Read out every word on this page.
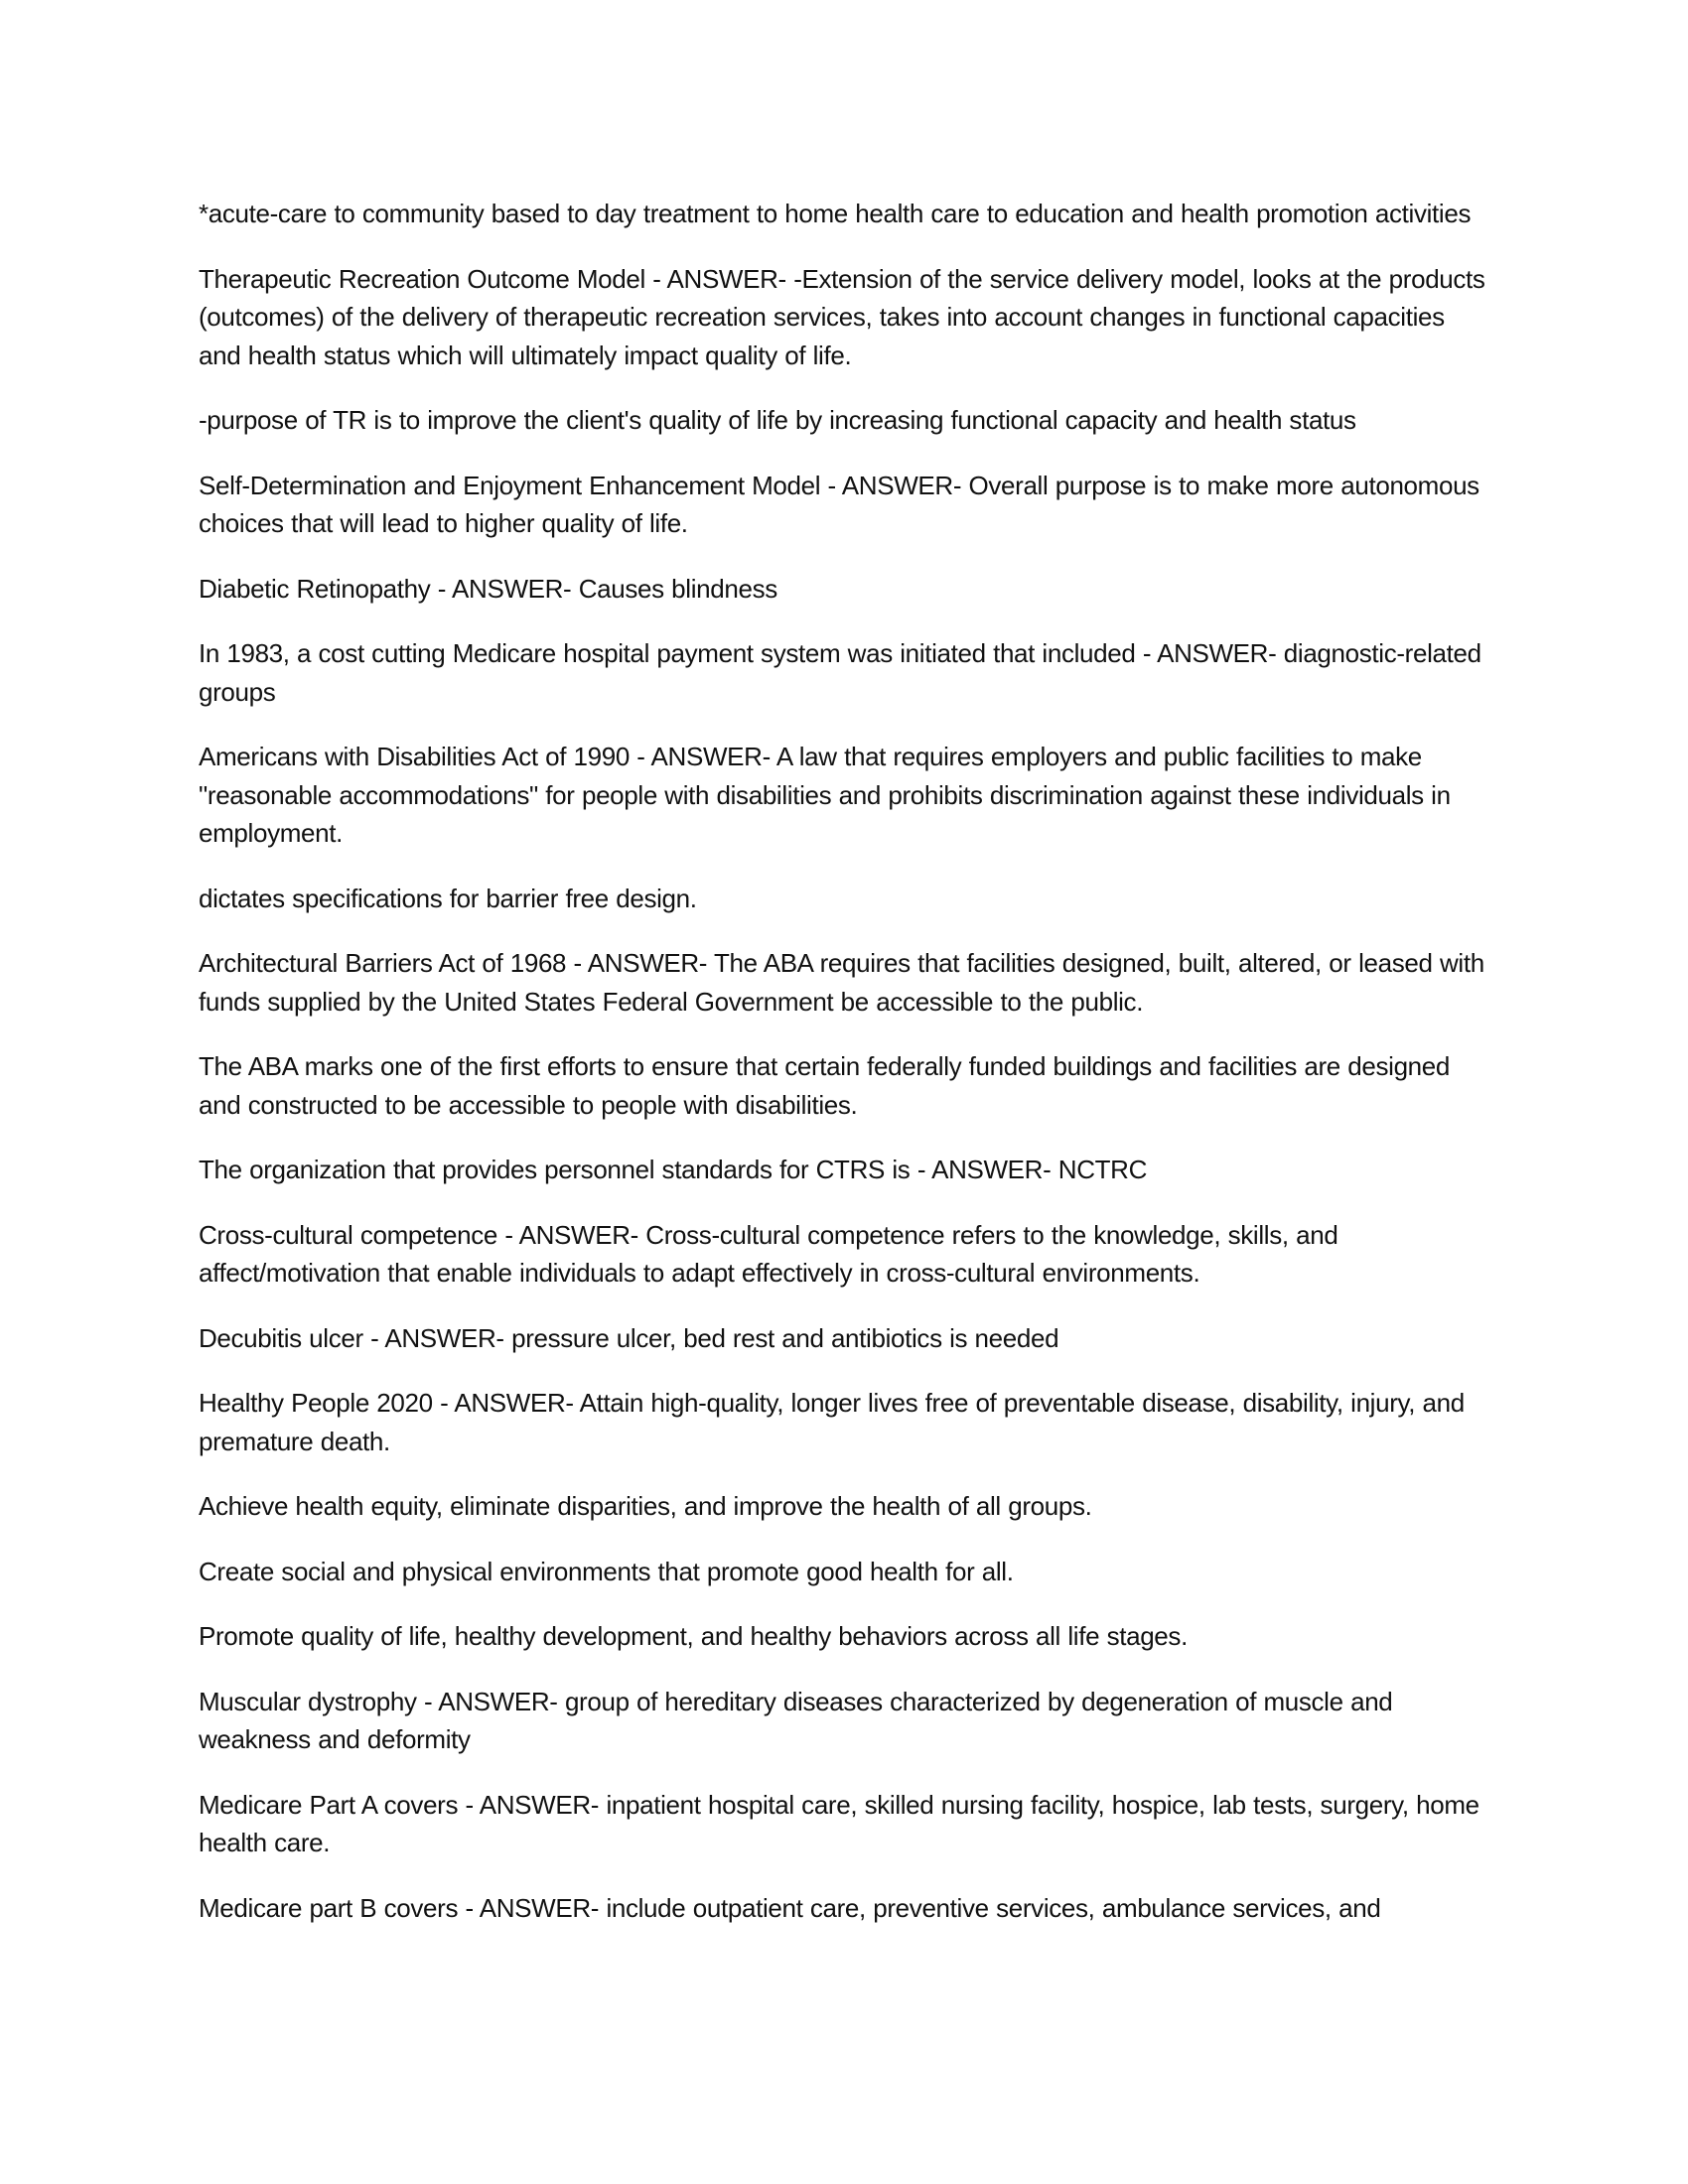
*acute-care to community based to day treatment to home health care to education and health promotion activities

Therapeutic Recreation Outcome Model - ANSWER- -Extension of the service delivery model, looks at the products (outcomes) of the delivery of therapeutic recreation services, takes into account changes in functional capacities and health status which will ultimately impact quality of life.

-purpose of TR is to improve the client's quality of life by increasing functional capacity and health status

Self-Determination and Enjoyment Enhancement Model - ANSWER- Overall purpose is to make more autonomous choices that will lead to higher quality of life.

Diabetic Retinopathy - ANSWER- Causes blindness

In 1983, a cost cutting Medicare hospital payment system was initiated that included - ANSWER- diagnostic-related groups

Americans with Disabilities Act of 1990 - ANSWER- A law that requires employers and public facilities to make "reasonable accommodations" for people with disabilities and prohibits discrimination against these individuals in employment.

dictates specifications for barrier free design.

Architectural Barriers Act of 1968 - ANSWER- The ABA requires that facilities designed, built, altered, or leased with funds supplied by the United States Federal Government be accessible to the public.

The ABA marks one of the first efforts to ensure that certain federally funded buildings and facilities are designed and constructed to be accessible to people with disabilities.

The organization that provides personnel standards for CTRS is - ANSWER- NCTRC

Cross-cultural competence - ANSWER- Cross-cultural competence refers to the knowledge, skills, and affect/motivation that enable individuals to adapt effectively in cross-cultural environments.

Decubitis ulcer - ANSWER- pressure ulcer, bed rest and antibiotics is needed

Healthy People 2020 - ANSWER- Attain high-quality, longer lives free of preventable disease, disability, injury, and premature death.

Achieve health equity, eliminate disparities, and improve the health of all groups.

Create social and physical environments that promote good health for all.

Promote quality of life, healthy development, and healthy behaviors across all life stages.

Muscular dystrophy - ANSWER- group of hereditary diseases characterized by degeneration of muscle and weakness and deformity

Medicare Part A covers - ANSWER- inpatient hospital care, skilled nursing facility, hospice, lab tests, surgery, home health care.

Medicare part B covers - ANSWER- include outpatient care, preventive services, ambulance services, and
